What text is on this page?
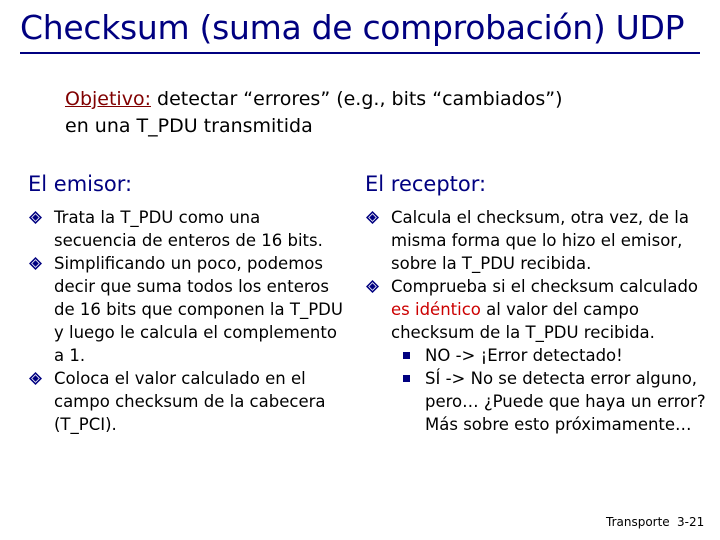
Checksum (suma de comprobación) UDP
Objetivo: detectar “errores” (e.g., bits “cambiados”)
en una T_PDU transmitida
El emisor:
Trata la T_PDU como una secuencia de enteros de 16 bits.
Simplificando un poco, podemos decir que suma todos los enteros de 16 bits que componen la T_PDU y luego le calcula el complemento a 1.
Coloca el valor calculado en el campo checksum de la cabecera (T_PCI).
El receptor:
Calcula el checksum, otra vez, de la misma forma que lo hizo el emisor, sobre la T_PDU recibida.
Comprueba si el checksum calculado es idéntico al valor del campo checksum de la T_PDU recibida.
NO -> ¡Error detectado!
SÍ -> No se detecta error alguno, pero… ¿Puede que haya un error? Más sobre esto próximamente…
Transporte 3-21
